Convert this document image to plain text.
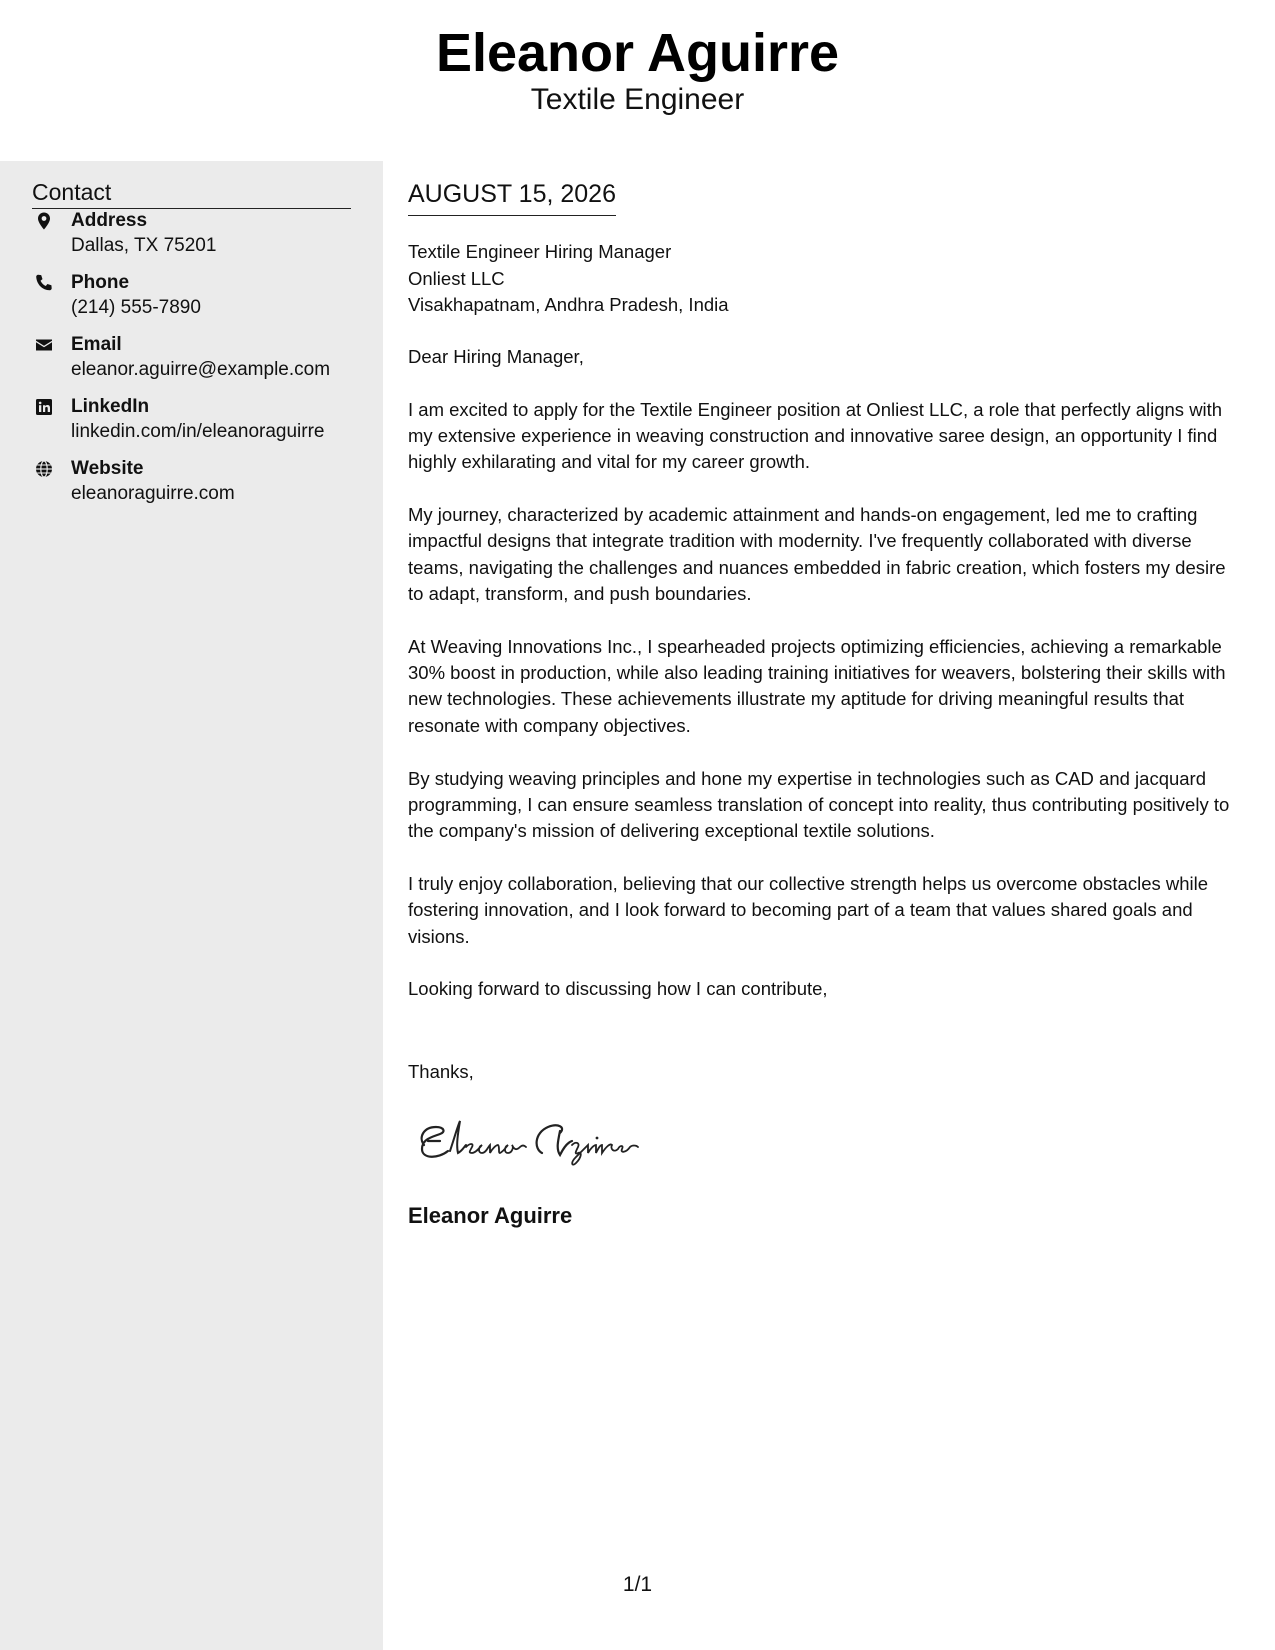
Eleanor Aguirre
Textile Engineer
Contact
Address
Dallas, TX 75201
Phone
(214) 555-7890
Email
eleanor.aguirre@example.com
LinkedIn
linkedin.com/in/eleanoraguirre
Website
eleanoraguirre.com
AUGUST 15, 2026
Textile Engineer Hiring Manager
Onliest LLC
Visakhapatnam, Andhra Pradesh, India

Dear Hiring Manager,

I am excited to apply for the Textile Engineer position at Onliest LLC, a role that perfectly aligns with my extensive experience in weaving construction and innovative saree design, an opportunity I find highly exhilarating and vital for my career growth.

My journey, characterized by academic attainment and hands-on engagement, led me to crafting impactful designs that integrate tradition with modernity. I've frequently collaborated with diverse teams, navigating the challenges and nuances embedded in fabric creation, which fosters my desire to adapt, transform, and push boundaries.

At Weaving Innovations Inc., I spearheaded projects optimizing efficiencies, achieving a remarkable 30% boost in production, while also leading training initiatives for weavers, bolstering their skills with new technologies. These achievements illustrate my aptitude for driving meaningful results that resonate with company objectives.

By studying weaving principles and hone my expertise in technologies such as CAD and jacquard programming, I can ensure seamless translation of concept into reality, thus contributing positively to the company's mission of delivering exceptional textile solutions.

I truly enjoy collaboration, believing that our collective strength helps us overcome obstacles while fostering innovation, and I look forward to becoming part of a team that values shared goals and visions.

Looking forward to discussing how I can contribute,

Thanks,
Eleanor Aguirre
1/1
